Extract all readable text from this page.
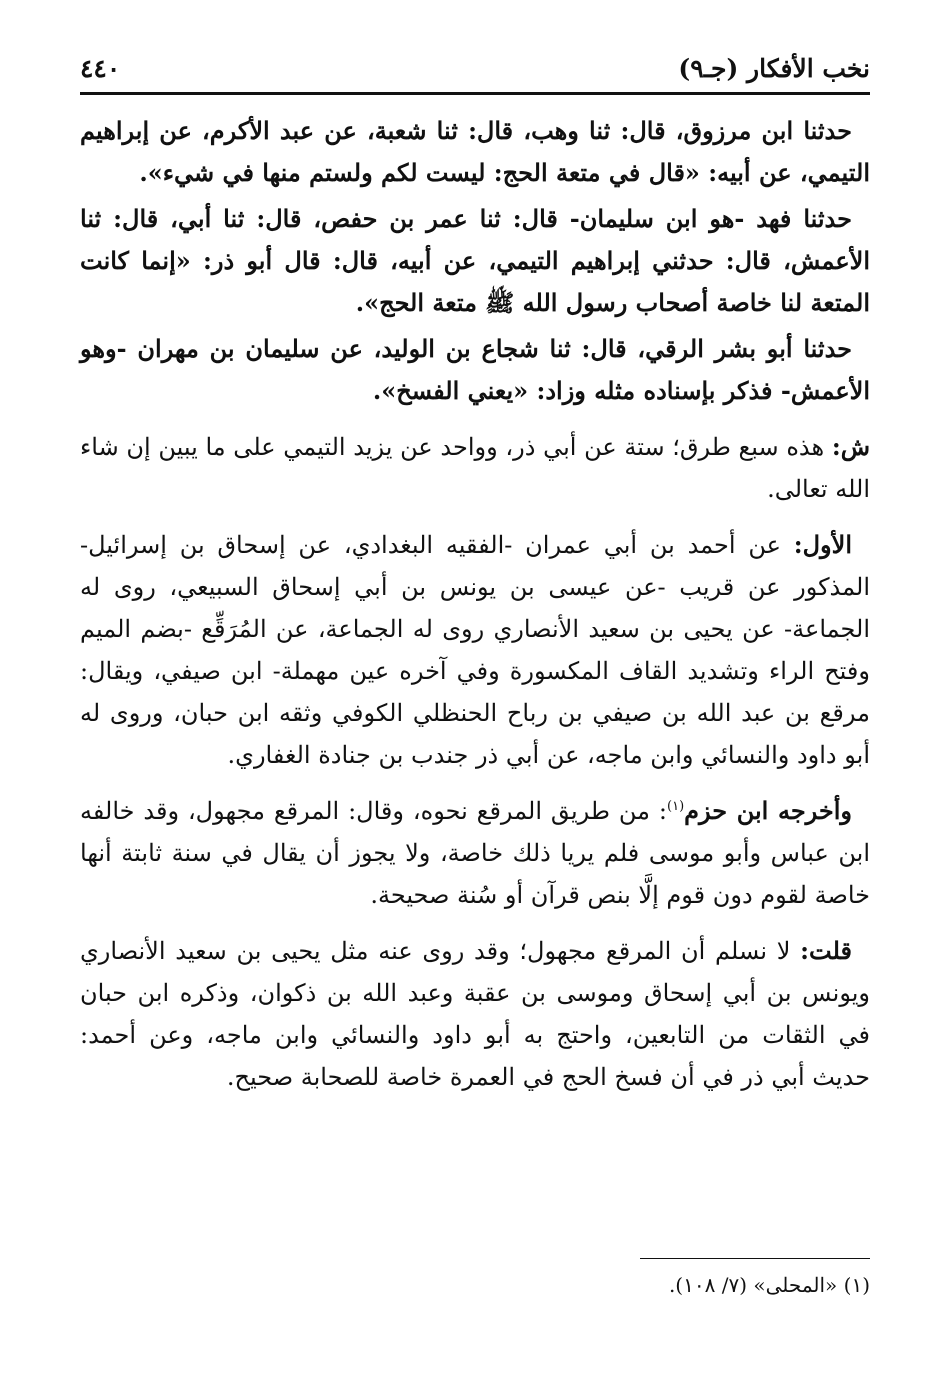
نخب الأفكار (جـ٩)
٤٤٠

حدثنا ابن مرزوق، قال: ثنا وهب، قال: ثنا شعبة، عن عبد الأكرم، عن إبراهيم التيمي، عن أبيه: «قال في متعة الحج: ليست لكم ولستم منها في شيء».

حدثنا فهد -هو ابن سليمان- قال: ثنا عمر بن حفص، قال: ثنا أبي، قال: ثنا الأعمش، قال: حدثني إبراهيم التيمي، عن أبيه، قال: قال أبو ذر: «إنما كانت المتعة لنا خاصة أصحاب رسول الله ﷺ متعة الحج».

حدثنا أبو بشر الرقي، قال: ثنا شجاع بن الوليد، عن سليمان بن مهران -وهو الأعمش- فذكر بإسناده مثله وزاد: «يعني الفسخ».

ش: هذه سبع طرق؛ ستة عن أبي ذر، وواحد عن يزيد التيمي على ما يبين إن شاء الله تعالى.

الأول: عن أحمد بن أبي عمران -الفقيه البغدادي، عن إسحاق بن إسرائيل- المذكور عن قريب -عن عيسى بن يونس بن أبي إسحاق السبيعي، روى له الجماعة- عن يحيى بن سعيد الأنصاري روى له الجماعة، عن المُرَقِّع -بضم الميم وفتح الراء وتشديد القاف المكسورة وفي آخره عين مهملة- ابن صيفي، ويقال: مرقع بن عبد الله بن صيفي بن رباح الحنظلي الكوفي وثقه ابن حبان، وروى له أبو داود والنسائي وابن ماجه، عن أبي ذر جندب بن جنادة الغفاري.

وأخرجه ابن حزم$^{(١)}$: من طريق المرقع نحوه، وقال: المرقع مجهول، وقد خالفه ابن عباس وأبو موسى فلم يريا ذلك خاصة، ولا يجوز أن يقال في سنة ثابتة أنها خاصة لقوم دون قوم إلَّا بنص قرآن أو سُنة صحيحة.

قلت: لا نسلم أن المرقع مجهول؛ وقد روى عنه مثل يحيى بن سعيد الأنصاري ويونس بن أبي إسحاق وموسى بن عقبة وعبد الله بن ذكوان، وذكره ابن حبان في الثقات من التابعين، واحتج به أبو داود والنسائي وابن ماجه، وعن أحمد: حديث أبي ذر في أن فسخ الحج في العمرة خاصة للصحابة صحيح.

(١) «المحلى» (٧/ ١٠٨).
